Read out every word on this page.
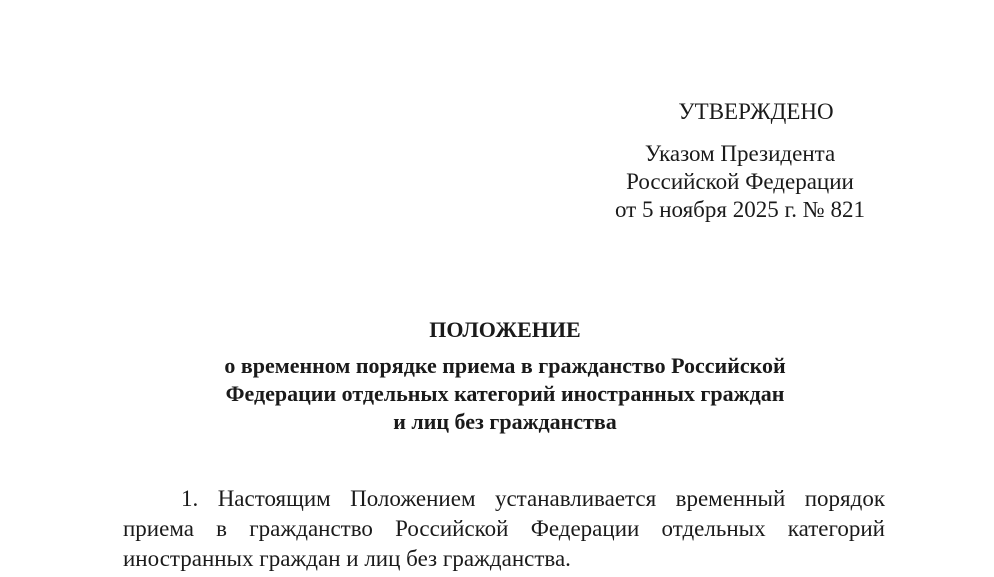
УТВЕРЖДЕНО
Указом Президента
Российской Федерации
от 5 ноября 2025 г. № 821
ПОЛОЖЕНИЕ
о временном порядке приема в гражданство Российской
Федерации отдельных категорий иностранных граждан
и лиц без гражданства
1. Настоящим Положением устанавливается временный порядок
приема в гражданство Российской Федерации отдельных категорий
иностранных граждан и лиц без гражданства.
